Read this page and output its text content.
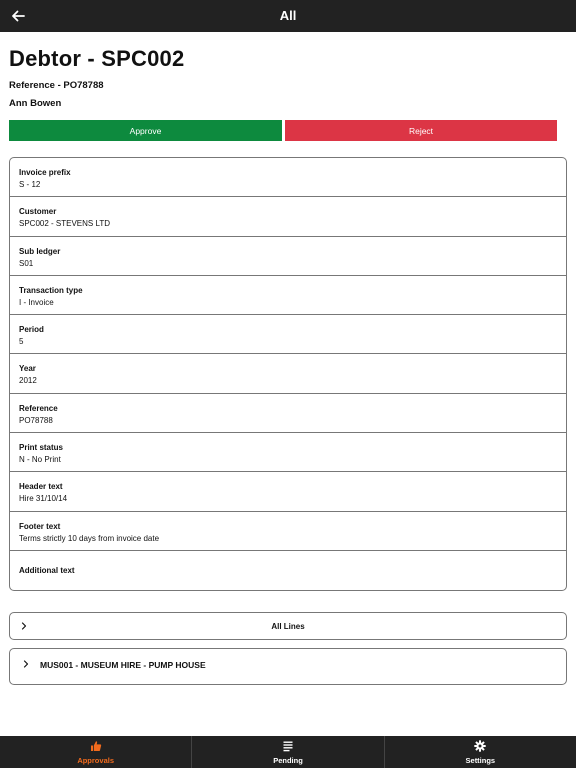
All
Debtor - SPC002
Reference - PO78788
Ann Bowen
Approve	Reject
Invoice prefix
S - 12
Customer
SPC002 - STEVENS LTD
Sub ledger
S01
Transaction type
I - Invoice
Period
5
Year
2012
Reference
PO78788
Print status
N - No Print
Header text
Hire 31/10/14
Footer text
Terms strictly 10 days from invoice date
Additional text
All Lines
MUS001 - MUSEUM HIRE - PUMP HOUSE
Approvals	Pending	Settings
